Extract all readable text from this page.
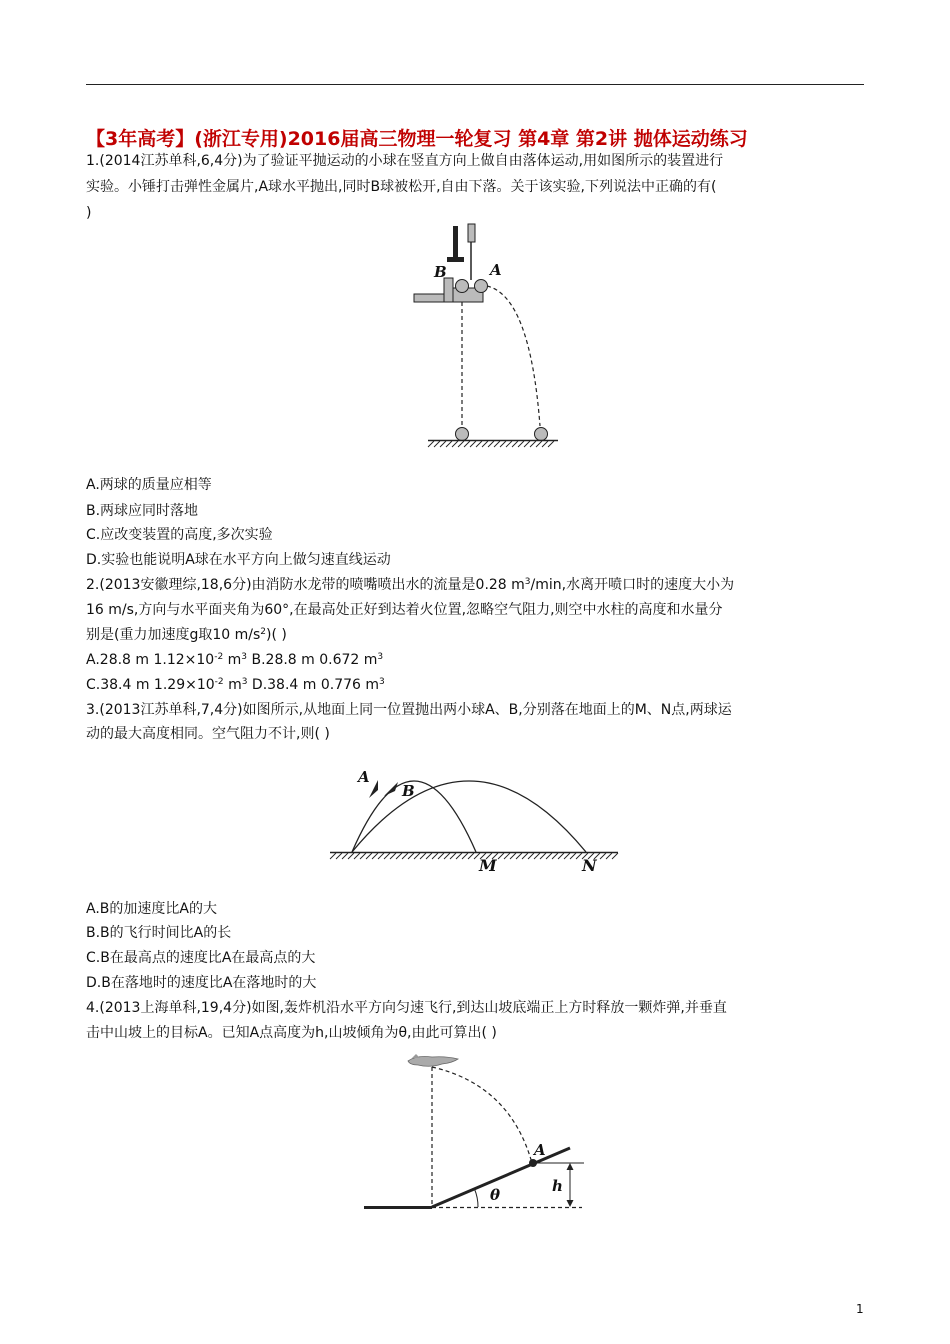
【3年高考】(浙江专用)2016届高三物理一轮复习 第4章 第2讲 抛体运动练习
1.(2014江苏单科,6,4分)为了验证平抛运动的小球在竖直方向上做自由落体运动,用如图所示的装置进行
实验。小锤打击弹性金属片,A球水平抛出,同时B球被松开,自由下落。关于该实验,下列说法中正确的有(
)
B	A
A.两球的质量应相等
B.两球应同时落地
C.应改变装置的高度,多次实验
D.实验也能说明A球在水平方向上做匀速直线运动
2.(2013安徽理综,18,6分)由消防水龙带的喷嘴喷出水的流量是0.28 $m^3/\min$,水离开喷口时的速度大小为
16 m/s,方向与水平面夹角为60°,在最高处正好到达着火位置,忽略空气阻力,则空中水柱的高度和水量分
别是(重力加速度g取10 $m/s^2$)( )
A.28.8 m $1.12\times 10^{-2}$ $m^3$ B.28.8 m 0.672 $m^3$
C.38.4 m $1.29\times 10^{-2}$ $m^3$ D.38.4 m 0.776 $m^3$
3.(2013江苏单科,7,4分)如图所示,从地面上同一位置抛出两小球A、B,分别落在地面上的M、N点,两球运
动的最大高度相同。空气阻力不计,则( )
A
B
M	N
A.B的加速度比A的大
B.B的飞行时间比A的长
C.B在最高点的速度比A在最高点的大
D.B在落地时的速度比A在落地时的大
4.(2013上海单科,19,4分)如图,轰炸机沿水平方向匀速飞行,到达山坡底端正上方时释放一颗炸弹,并垂直
击中山坡上的目标A。已知A点高度为h,山坡倾角为θ,由此可算出( )
A
θ	h
1
